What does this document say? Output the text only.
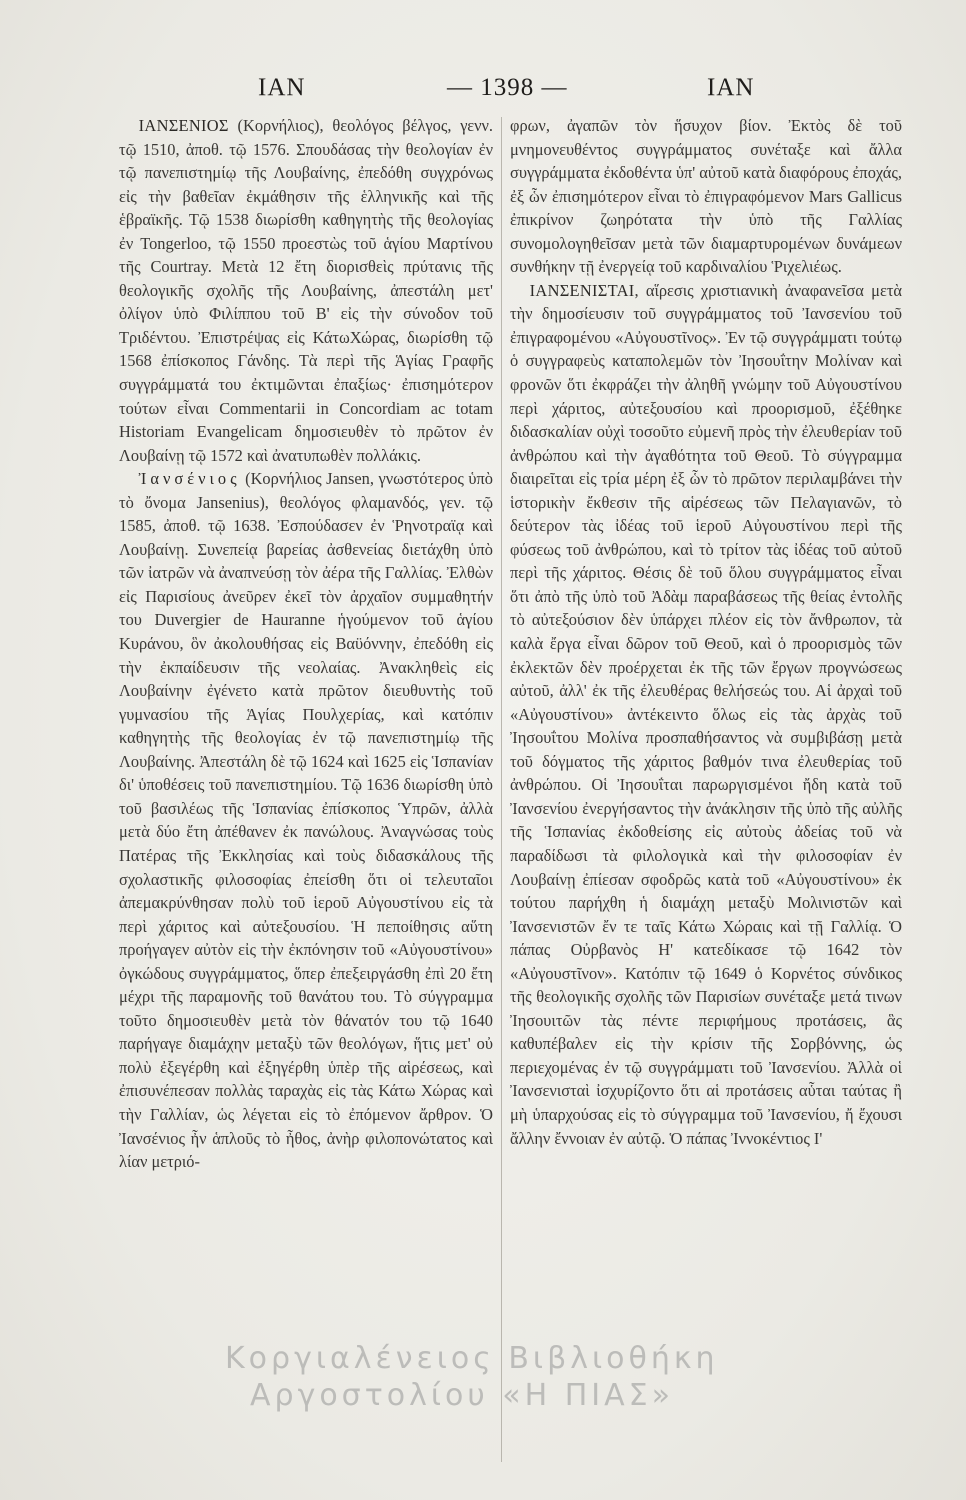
ΙΑΝ	— 1398 —	ΙΑΝ

ΙΑΝΣΕΝΙΟΣ (Κορνήλιος), θεολόγος βέλγος, γενν. τῷ 1510, ἀποθ. τῷ 1576. Σπουδάσας τὴν θεολογίαν ἐν τῷ πανεπιστημίῳ τῆς Λουβαίνης, ἐπεδόθη συγχρόνως εἰς τὴν βαθεῖαν ἐκμάθησιν τῆς ἑλληνικῆς καὶ τῆς ἑβραϊκῆς. Τῷ 1538 διωρίσθη καθηγητὴς τῆς θεολογίας ἐν Tongerloo, τῷ 1550 προεστὼς τοῦ ἁγίου Μαρτίνου τῆς Courtray. Μετὰ 12 ἔτη διορισθεὶς πρύτανις τῆς θεολογικῆς σχολῆς τῆς Λουβαίνης, ἀπεστάλη μετ' ὀλίγον ὑπὸ Φιλίππου τοῦ Β' εἰς τὴν σύνοδον τοῦ Τριδέντου. Ἐπιστρέψας εἰς ΚάτωΧώρας, διωρίσθη τῷ 1568 ἐπίσκοπος Γάνδης. Τὰ περὶ τῆς Ἁγίας Γραφῆς συγγράμματά του ἐκτιμῶνται ἐπαξίως· ἐπισημότερον τούτων εἶναι Commentarii in Concordiam ac totam Historiam Evangelicam δημοσιευθὲν τὸ πρῶτον ἐν Λουβαίνῃ τῷ 1572 καὶ ἀνατυπωθὲν πολλάκις.

Ἰανσένιος (Κορνήλιος Jansen, γνωστότερος ὑπὸ τὸ ὄνομα Jansenius), θεολόγος φλαμανδός, γεν. τῷ 1585, ἀποθ. τῷ 1638. Ἐσπούδασεν ἐν Ῥηνοτραϊᾳ καὶ Λουβαίνῃ. Συνεπείᾳ βαρείας ἀσθενείας διετάχθη ὑπὸ τῶν ἰατρῶν νὰ ἀναπνεύσῃ τὸν ἀέρα τῆς Γαλλίας. Ἐλθὼν εἰς Παρισίους ἀνεῦρεν ἐκεῖ τὸν ἀρχαῖον συμμαθητήν του Duvergier de Hauranne ἡγούμενον τοῦ ἁγίου Κυράνου, ὃν ἀκολουθήσας εἰς Βαϋόννην, ἐπεδόθη εἰς τὴν ἐκπαίδευσιν τῆς νεολαίας. Ἀνακληθεὶς εἰς Λουβαίνην ἐγένετο κατὰ πρῶτον διευθυντὴς τοῦ γυμνασίου τῆς Ἁγίας Πουλχερίας, καὶ κατόπιν καθηγητὴς τῆς θεολογίας ἐν τῷ πανεπιστημίῳ τῆς Λουβαίνης. Ἀπεστάλη δὲ τῷ 1624 καὶ 1625 εἰς Ἱσπανίαν δι' ὑποθέσεις τοῦ πανεπιστημίου. Τῷ 1636 διωρίσθη ὑπὸ τοῦ βασιλέως τῆς Ἱσπανίας ἐπίσκοπος Ὑπρῶν, ἀλλὰ μετὰ δύο ἔτη ἀπέθανεν ἐκ πανώλους. Ἀναγνώσας τοὺς Πατέρας τῆς Ἐκκλησίας καὶ τοὺς διδασκάλους τῆς σχολαστικῆς φιλοσοφίας ἐπείσθη ὅτι οἱ τελευταῖοι ἀπεμακρύνθησαν πολὺ τοῦ ἱεροῦ Αὐγουστίνου εἰς τὰ περὶ χάριτος καὶ αὐτεξουσίου. Ἡ πεποίθησις αὕτη προήγαγεν αὐτὸν εἰς τὴν ἐκπόνησιν τοῦ «Αὐγουστίνου» ὀγκώδους συγγράμματος, ὅπερ ἐπεξειργάσθη ἐπὶ 20 ἔτη μέχρι τῆς παραμονῆς τοῦ θανάτου του. Τὸ σύγγραμμα τοῦτο δημοσιευθὲν μετὰ τὸν θάνατόν του τῷ 1640 παρήγαγε διαμάχην μεταξὺ τῶν θεολόγων, ἥτις μετ' οὐ πολὺ ἐξεγέρθη καὶ ἐξηγέρθη ὑπὲρ τῆς αἱρέσεως, καὶ ἐπισυνέπεσαν πολλὰς ταραχὰς εἰς τὰς Κάτω Χώρας καὶ τὴν Γαλλίαν, ὡς λέγεται εἰς τὸ ἐπόμενον ἄρθρον. Ὁ Ἰανσένιος ἦν ἁπλοῦς τὸ ἦθος, ἀνὴρ φιλοπονώτατος καὶ λίαν μετριό-

φρων, ἀγαπῶν τὸν ἥσυχον βίον. Ἐκτὸς δὲ τοῦ μνημονευθέντος συγγράμματος συνέταξε καὶ ἄλλα συγγράμματα ἐκδοθέντα ὑπ' αὐτοῦ κατὰ διαφόρους ἐποχάς, ἐξ ὧν ἐπισημότερον εἶναι τὸ ἐπιγραφόμενον Mars Gallicus ἐπικρίνον ζωηρότατα τὴν ὑπὸ τῆς Γαλλίας συνομολογηθεῖσαν μετὰ τῶν διαμαρτυρομένων δυνάμεων συνθήκην τῇ ἐνεργείᾳ τοῦ καρδιναλίου Ῥιχελιέως.

ΙΑΝΣΕΝΙΣΤΑΙ, αἵρεσις χριστιανικὴ ἀναφανεῖσα μετὰ τὴν δημοσίευσιν τοῦ συγγράμματος τοῦ Ἰανσενίου τοῦ ἐπιγραφομένου «Αὐγουστῖνος». Ἐν τῷ συγγράμματι τούτῳ ὁ συγγραφεὺς καταπολεμῶν τὸν Ἰησουΐτην Μολίναν καὶ φρονῶν ὅτι ἐκφράζει τὴν ἀληθῆ γνώμην τοῦ Αὐγουστίνου περὶ χάριτος, αὐτεξουσίου καὶ προορισμοῦ, ἐξέθηκε διδασκαλίαν οὐχὶ τοσοῦτο εὐμενῆ πρὸς τὴν ἐλευθερίαν τοῦ ἀνθρώπου καὶ τὴν ἀγαθότητα τοῦ Θεοῦ. Τὸ σύγγραμμα διαιρεῖται εἰς τρία μέρη ἐξ ὧν τὸ πρῶτον περιλαμβάνει τὴν ἱστορικὴν ἔκθεσιν τῆς αἱρέσεως τῶν Πελαγιανῶν, τὸ δεύτερον τὰς ἰδέας τοῦ ἱεροῦ Αὐγουστίνου περὶ τῆς φύσεως τοῦ ἀνθρώπου, καὶ τὸ τρίτον τὰς ἰδέας τοῦ αὐτοῦ περὶ τῆς χάριτος. Θέσις δὲ τοῦ ὅλου συγγράμματος εἶναι ὅτι ἀπὸ τῆς ὑπὸ τοῦ Ἀδὰμ παραβάσεως τῆς θείας ἐντολῆς τὸ αὐτεξούσιον δὲν ὑπάρχει πλέον εἰς τὸν ἄνθρωπον, τὰ καλὰ ἔργα εἶναι δῶρον τοῦ Θεοῦ, καὶ ὁ προορισμὸς τῶν ἐκλεκτῶν δὲν προέρχεται ἐκ τῆς τῶν ἔργων προγνώσεως αὐτοῦ, ἀλλ' ἐκ τῆς ἐλευθέρας θελήσεώς του. Αἱ ἀρχαὶ τοῦ «Αὐγουστίνου» ἀντέκειντο ὅλως εἰς τὰς ἀρχὰς τοῦ Ἰησουΐτου Μολίνα προσπαθήσαντος νὰ συμβιβάσῃ μετὰ τοῦ δόγματος τῆς χάριτος βαθμόν τινα ἐλευθερίας τοῦ ἀνθρώπου. Οἱ Ἰησουΐται παρωργισμένοι ἤδη κατὰ τοῦ Ἰανσενίου ἐνεργήσαντος τὴν ἀνάκλησιν τῆς ὑπὸ τῆς αὐλῆς τῆς Ἱσπανίας ἐκδοθείσης εἰς αὐτοὺς ἀδείας τοῦ νὰ παραδίδωσι τὰ φιλολογικὰ καὶ τὴν φιλοσοφίαν ἐν Λουβαίνῃ ἐπίεσαν σφοδρῶς κατὰ τοῦ «Αὐγουστίνου» ἐκ τούτου παρήχθη ἡ διαμάχη μεταξὺ Μολινιστῶν καὶ Ἰανσενιστῶν ἔν τε ταῖς Κάτω Χώραις καὶ τῇ Γαλλίᾳ. Ὁ πάπας Οὐρβανὸς Η' κατεδίκασε τῷ 1642 τὸν «Αὐγουστῖνον». Κατόπιν τῷ 1649 ὁ Κορνέτος σύνδικος τῆς θεολογικῆς σχολῆς τῶν Παρισίων συνέταξε μετά τινων Ἰησουιτῶν τὰς πέντε περιφήμους προτάσεις, ἃς καθυπέβαλεν εἰς τὴν κρίσιν τῆς Σορβόννης, ὡς περιεχομένας ἐν τῷ συγγράμματι τοῦ Ἰανσενίου. Ἀλλὰ οἱ Ἰανσενισταὶ ἰσχυρίζοντο ὅτι αἱ προτάσεις αὗται ταύτας ἢ μὴ ὑπαρχούσας εἰς τὸ σύγγραμμα τοῦ Ἰανσενίου, ἤ ἔχουσι ἄλλην ἔννοιαν ἐν αὐτῷ. Ὁ πάπας Ἰννοκέντιος Ι'

Κοργιαλένειος Βιβλιοθήκη
Αργοστολίου «Η ΠΙΑΣ»
